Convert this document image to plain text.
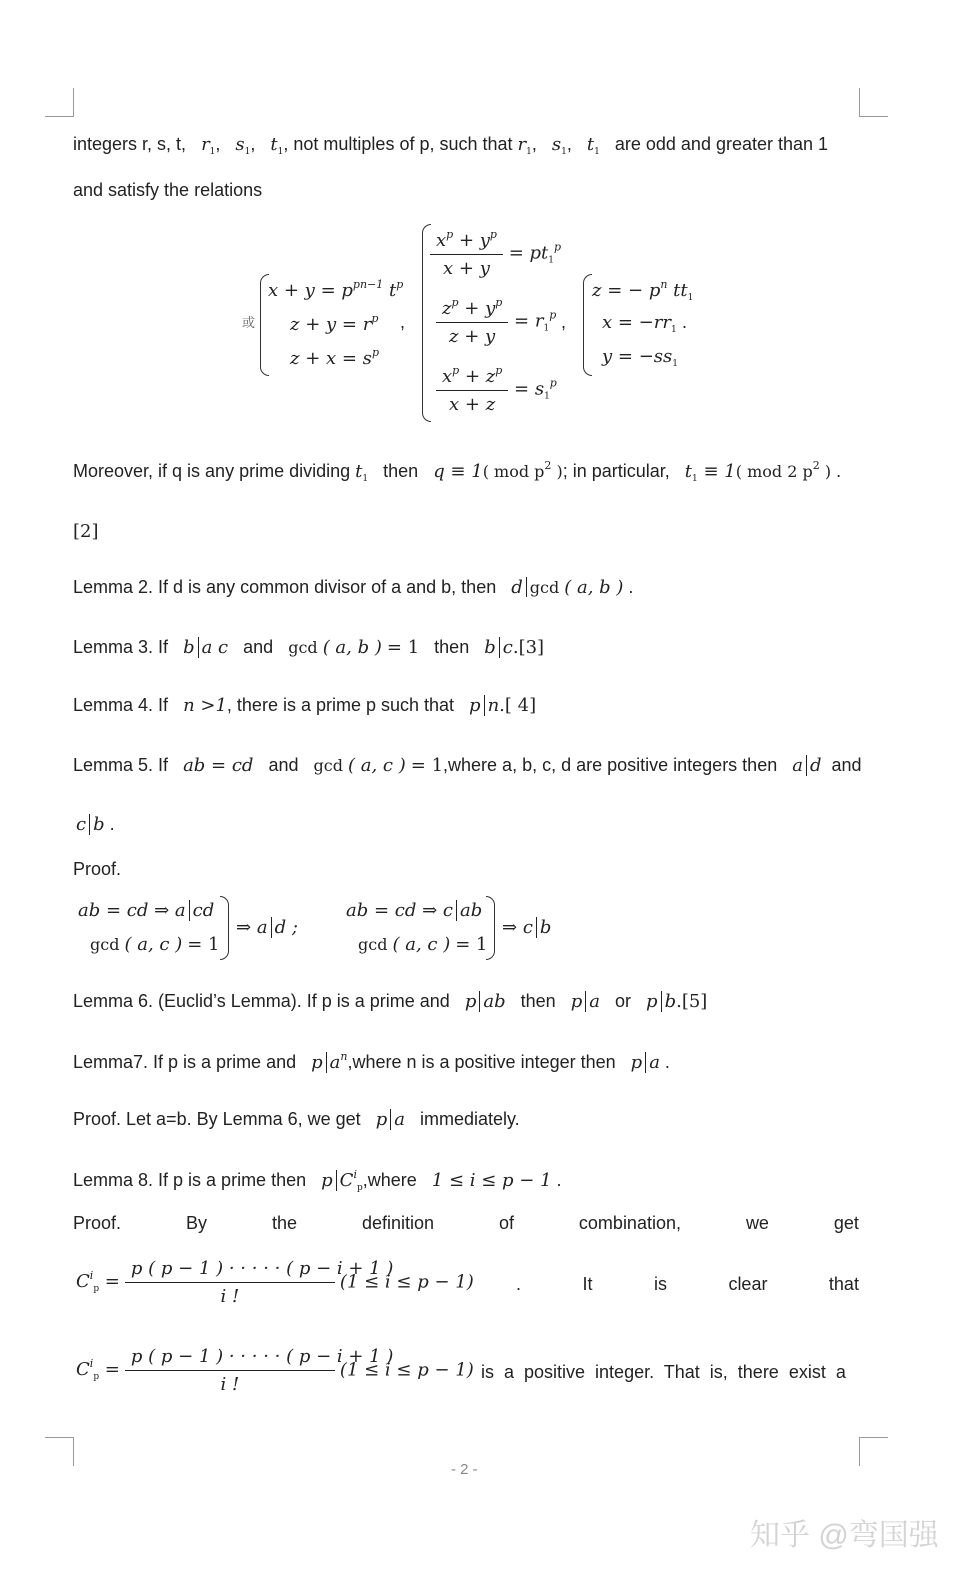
integers r, s, t, $r_1$,   $s_1$,   $t_1$, not multiples of p, such that $r_1$,   $s_1$,   $t_1$ are odd and greater than 1
and satisfy the relations
或
$x + y = p^{pn-1}$ $t^p$
$z + y = r^p$
$z + x = s^p$
,
$\frac{x^p + y^p}{x + y} = pt_1^p$
$\frac{z^p + y^p}{z + y} = r_1^p$
$\frac{x^p + z^p}{x + z} = s_1^p$
,
z = − $p^n$ $tt_1$
$x = -rr_1$
$y = -ss_1$
.
Moreover, if q is any prime dividing $t_1$ then q ≡ 1( mod $p^2$ ); in particular, $t_1 \equiv 1$( mod 2 $p^2$ ) .
[2]
Lemma 2. If d is any common divisor of a and b, then d gcd ( a, b ) .
Lemma 3. If b a c and gcd ( a, b ) = 1 then b c.[3]
Lemma 4. If n >1, there is a prime p such that p n.[ 4]
Lemma 5. If ab = cd and gcd ( a, c ) = 1,where a, b, c, d are positive integers then a d and
c b .
Proof.
ab = cd ⇒ a cd
gcd ( a, c ) = 1
⇒ a d ;
ab = cd ⇒ c ab
gcd ( a, c ) = 1
⇒ c b
Lemma 6. (Euclid’s Lemma). If p is a prime and p ab then p a or p b.[5]
Lemma7. If p is a prime and p $a^n,where$ n is a positive integer then p a .
Proof. Let a=b. By Lemma 6, we get p a immediately.
Lemma 8. If p is a prime then p $C^i_p,where$ 1 ≤ i ≤ p − 1 .
Proof.	By	the	definition	of	combination,	we	get
$C^i_p = \frac{p ( p - 1 ) \cdot \cdot \cdot \cdot \cdot ( p - i + 1 )}{i !} (1 \le i \le p - 1)$ .	It	is	clear	that
$C^i_p = \frac{p ( p - 1 ) \cdot \cdot \cdot \cdot \cdot ( p - i + 1 )}{i !} (1 \le i \le p - 1)$ is  a  positive  integer.  That  is,  there  exist  a
- 2 -
知乎 @弯国强
